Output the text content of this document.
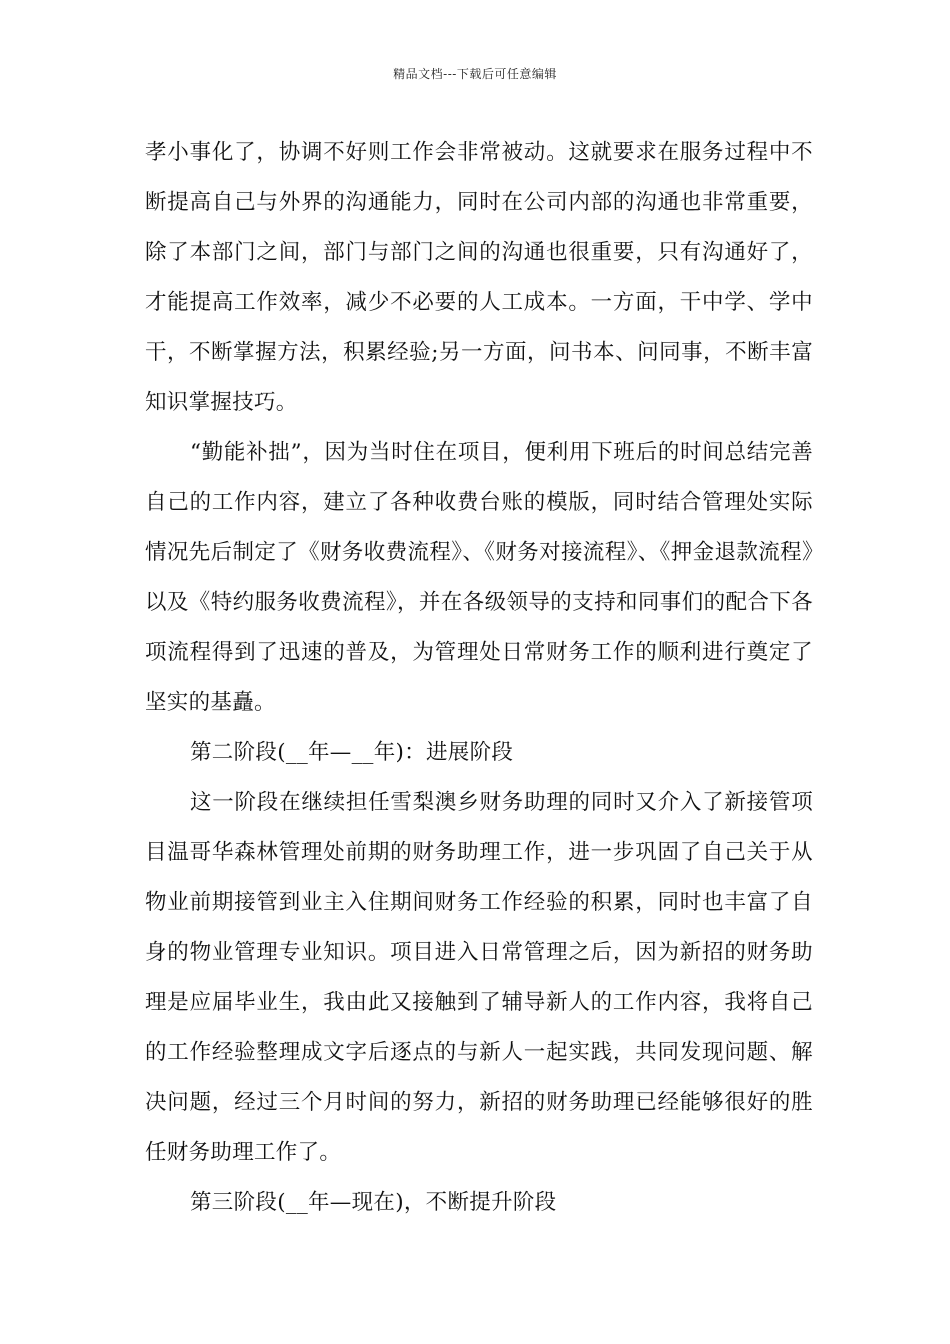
精品文档---下载后可任意编辑

孝小事化了，协调不好则工作会非常被动。这就要求在服务过程中不断提高自己与外界的沟通能力，同时在公司内部的沟通也非常重要，除了本部门之间，部门与部门之间的沟通也很重要，只有沟通好了，才能提高工作效率，减少不必要的人工成本。一方面，干中学、学中干，不断掌握方法，积累经验;另一方面，问书本、问同事，不断丰富知识掌握技巧。

“勤能补拙”，因为当时住在项目，便利用下班后的时间总结完善自己的工作内容，建立了各种收费台账的模版，同时结合管理处实际情况先后制定了《财务收费流程》、《财务对接流程》、《押金退款流程》以及《特约服务收费流程》，并在各级领导的支持和同事们的配合下各项流程得到了迅速的普及，为管理处日常财务工作的顺利进行奠定了坚实的基矗。

第二阶段(__年—__年)：进展阶段

这一阶段在继续担任雪梨澳乡财务助理的同时又介入了新接管项目温哥华森林管理处前期的财务助理工作，进一步巩固了自己关于从物业前期接管到业主入住期间财务工作经验的积累，同时也丰富了自身的物业管理专业知识。项目进入日常管理之后，因为新招的财务助理是应届毕业生，我由此又接触到了辅导新人的工作内容，我将自己的工作经验整理成文字后逐点的与新人一起实践，共同发现问题、解决问题，经过三个月时间的努力，新招的财务助理已经能够很好的胜任财务助理工作了。

第三阶段(__年—现在)，不断提升阶段
